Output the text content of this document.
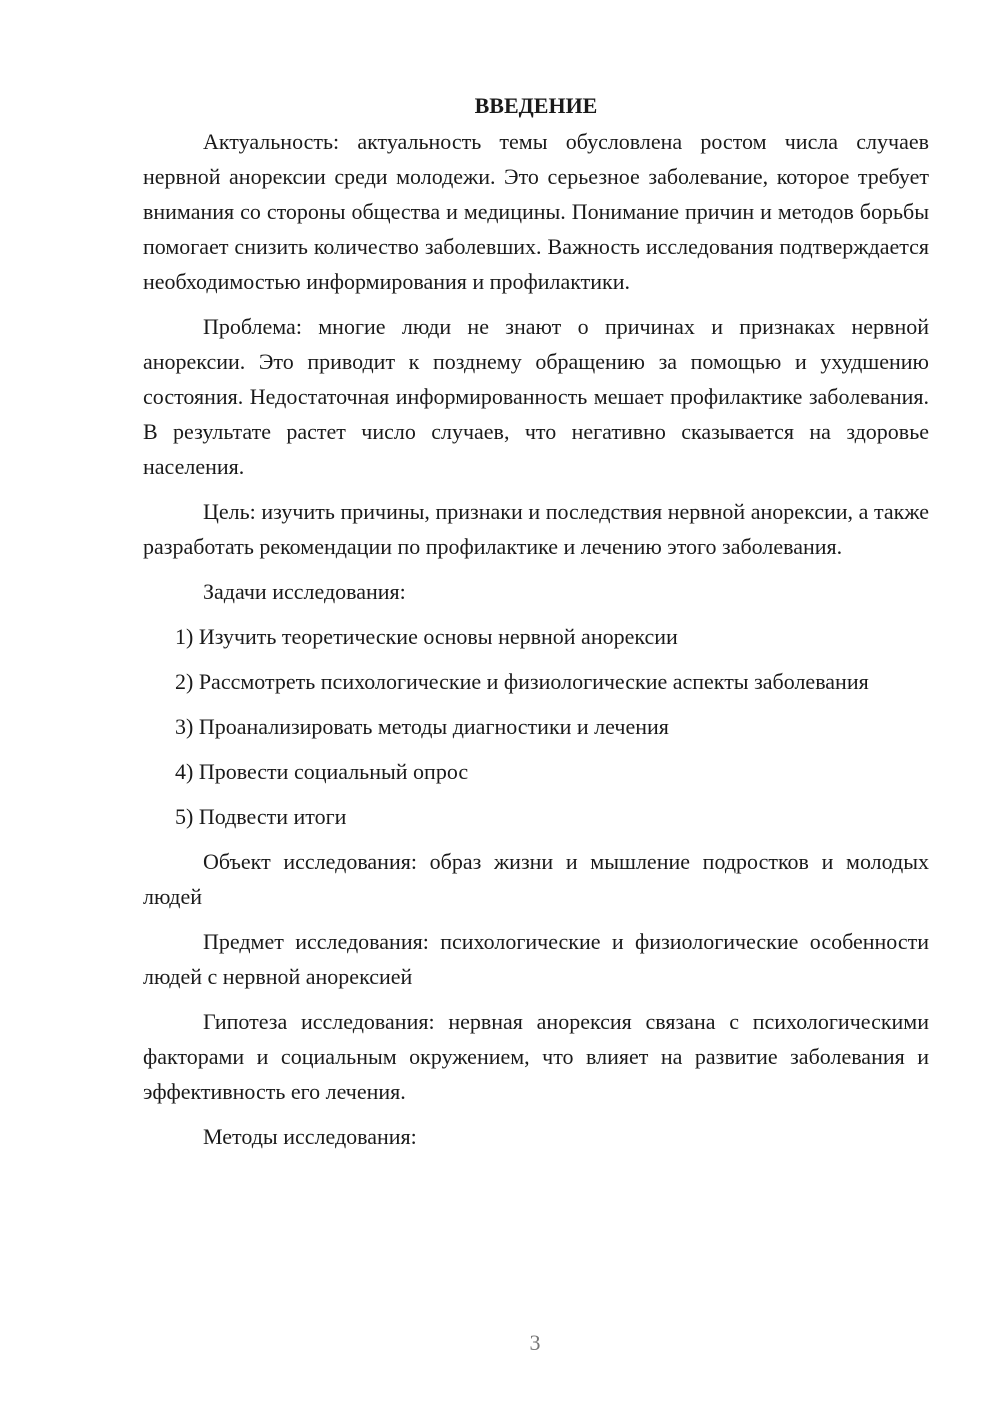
ВВЕДЕНИЕ

Актуальность: актуальность темы обусловлена ростом числа случаев нервной анорексии среди молодежи. Это серьезное заболевание, которое требует внимания со стороны общества и медицины. Понимание причин и методов борьбы помогает снизить количество заболевших. Важность исследования подтверждается необходимостью информирования и профилактики.

Проблема: многие люди не знают о причинах и признаках нервной анорексии. Это приводит к позднему обращению за помощью и ухудшению состояния. Недостаточная информированность мешает профилактике заболевания. В результате растет число случаев, что негативно сказывается на здоровье населения.

Цель: изучить причины, признаки и последствия нервной анорексии, а также разработать рекомендации по профилактике и лечению этого заболевания.

Задачи исследования:

1) Изучить теоретические основы нервной анорексии

2) Рассмотреть психологические и физиологические аспекты заболевания

3) Проанализировать методы диагностики и лечения

4) Провести социальный опрос

5) Подвести итоги

Объект исследования: образ жизни и мышление подростков и молодых людей

Предмет исследования: психологические и физиологические особенности людей с нервной анорексией

Гипотеза исследования: нервная анорексия связана с психологическими факторами и социальным окружением, что влияет на развитие заболевания и эффективность его лечения.

Методы исследования:

3
